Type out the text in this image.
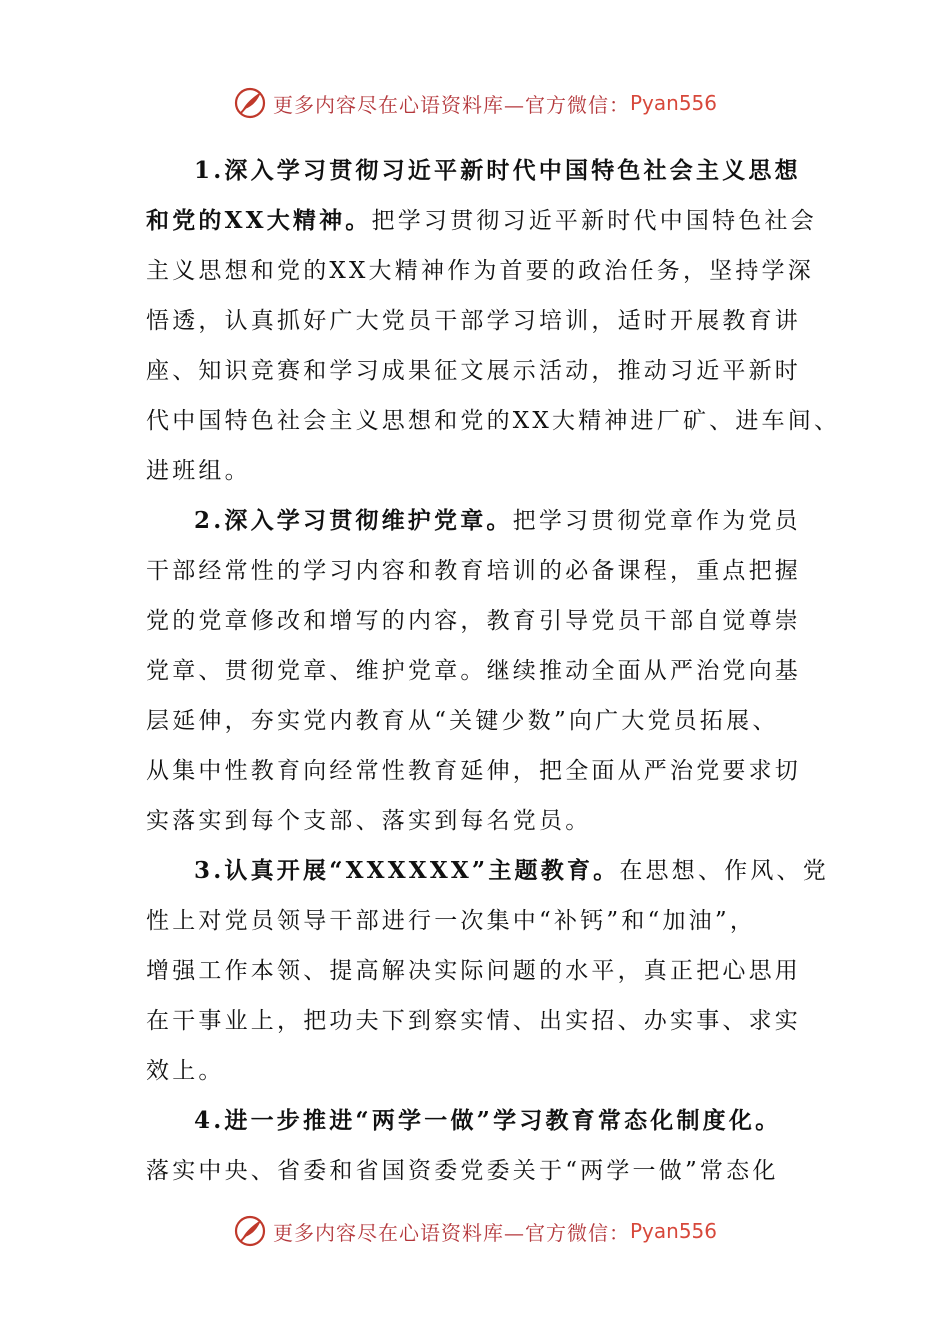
更多内容尽在心语资料库—官方微信： Pyan556
1.深入学习贯彻习近平新时代中国特色社会主义思想
和党的XX大精神。把学习贯彻习近平新时代中国特色社会
主义思想和党的XX大精神作为首要的政治任务，坚持学深
悟透，认真抓好广大党员干部学习培训，适时开展教育讲
座、知识竞赛和学习成果征文展示活动，推动习近平新时
代中国特色社会主义思想和党的XX大精神进厂矿、进车间、
进班组。
2.深入学习贯彻维护党章。把学习贯彻党章作为党员
干部经常性的学习内容和教育培训的必备课程，重点把握
党的党章修改和增写的内容，教育引导党员干部自觉尊崇
党章、贯彻党章、维护党章。继续推动全面从严治党向基
层延伸，夯实党内教育从“关键少数”向广大党员拓展、
从集中性教育向经常性教育延伸，把全面从严治党要求切
实落实到每个支部、落实到每名党员。
3.认真开展“XXXXXX”主题教育。在思想、作风、党
性上对党员领导干部进行一次集中“补钙”和“加油”，
增强工作本领、提高解决实际问题的水平，真正把心思用
在干事业上，把功夫下到察实情、出实招、办实事、求实
效上。
4.进一步推进“两学一做”学习教育常态化制度化。
落实中央、省委和省国资委党委关于“两学一做”常态化
更多内容尽在心语资料库—官方微信： Pyan556
